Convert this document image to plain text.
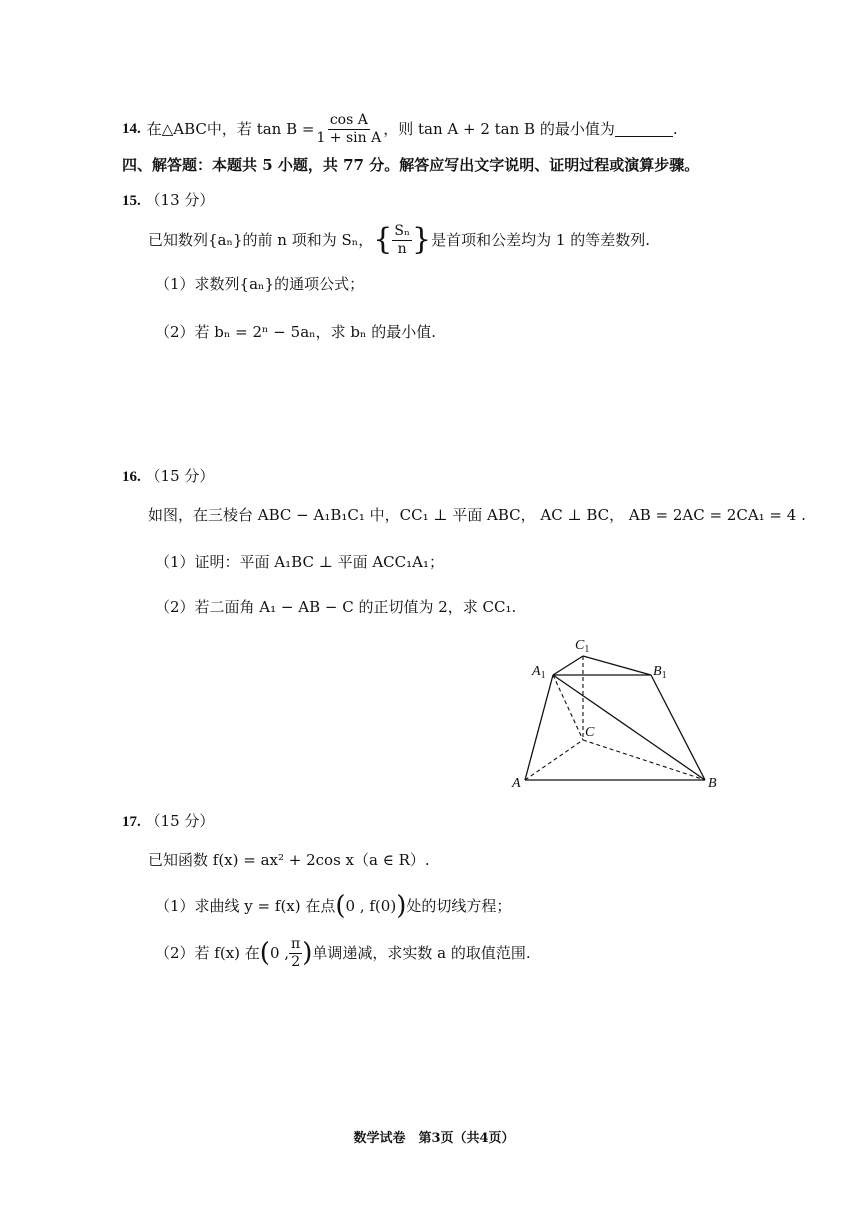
14. 在 △ABC 中，若 $\tan B = \frac{\text{cos A}}{\text{1 + sin A}}$ ，则 tan A + 2 tan B 的最小值为	.
四、解答题：本题共 5 小题，共 77 分。解答应写出文字说明、证明过程或演算步骤。
15. （13 分）
已知数列{aₙ}的前 n 项和为 Sₙ， { $\frac{\text{Sₙ}}{n}$ } 是首项和公差均为 1 的等差数列.
（1）求数列{aₙ}的通项公式；
（2）若 bₙ = 2ⁿ − 5aₙ，求 bₙ 的最小值.
16. （15 分）
如图，在三棱台 ABC − A₁B₁C₁ 中，CC₁ ⊥ 平面 ABC， AC ⊥ BC， AB = 2AC = 2CA₁ = 4 .
（1）证明：平面 A₁BC ⊥ 平面 ACC₁A₁；
（2）若二面角 A₁ − AB − C 的正切值为 2，求 CC₁.
$C_1$
$A_1$	$B_1$
C
A	B
17. （15 分）
已知函数 f(x) = ax² + 2cos x（a ∈ R）.
（1）求曲线 y = f(x) 在点 ( 0 , f(0) ) 处的切线方程；
（2）若 f(x) 在 ( 0 , $\frac{\pi}{2}$ ) 单调递减，求实数 a 的取值范围.
数学试卷　第3页（共4页）
